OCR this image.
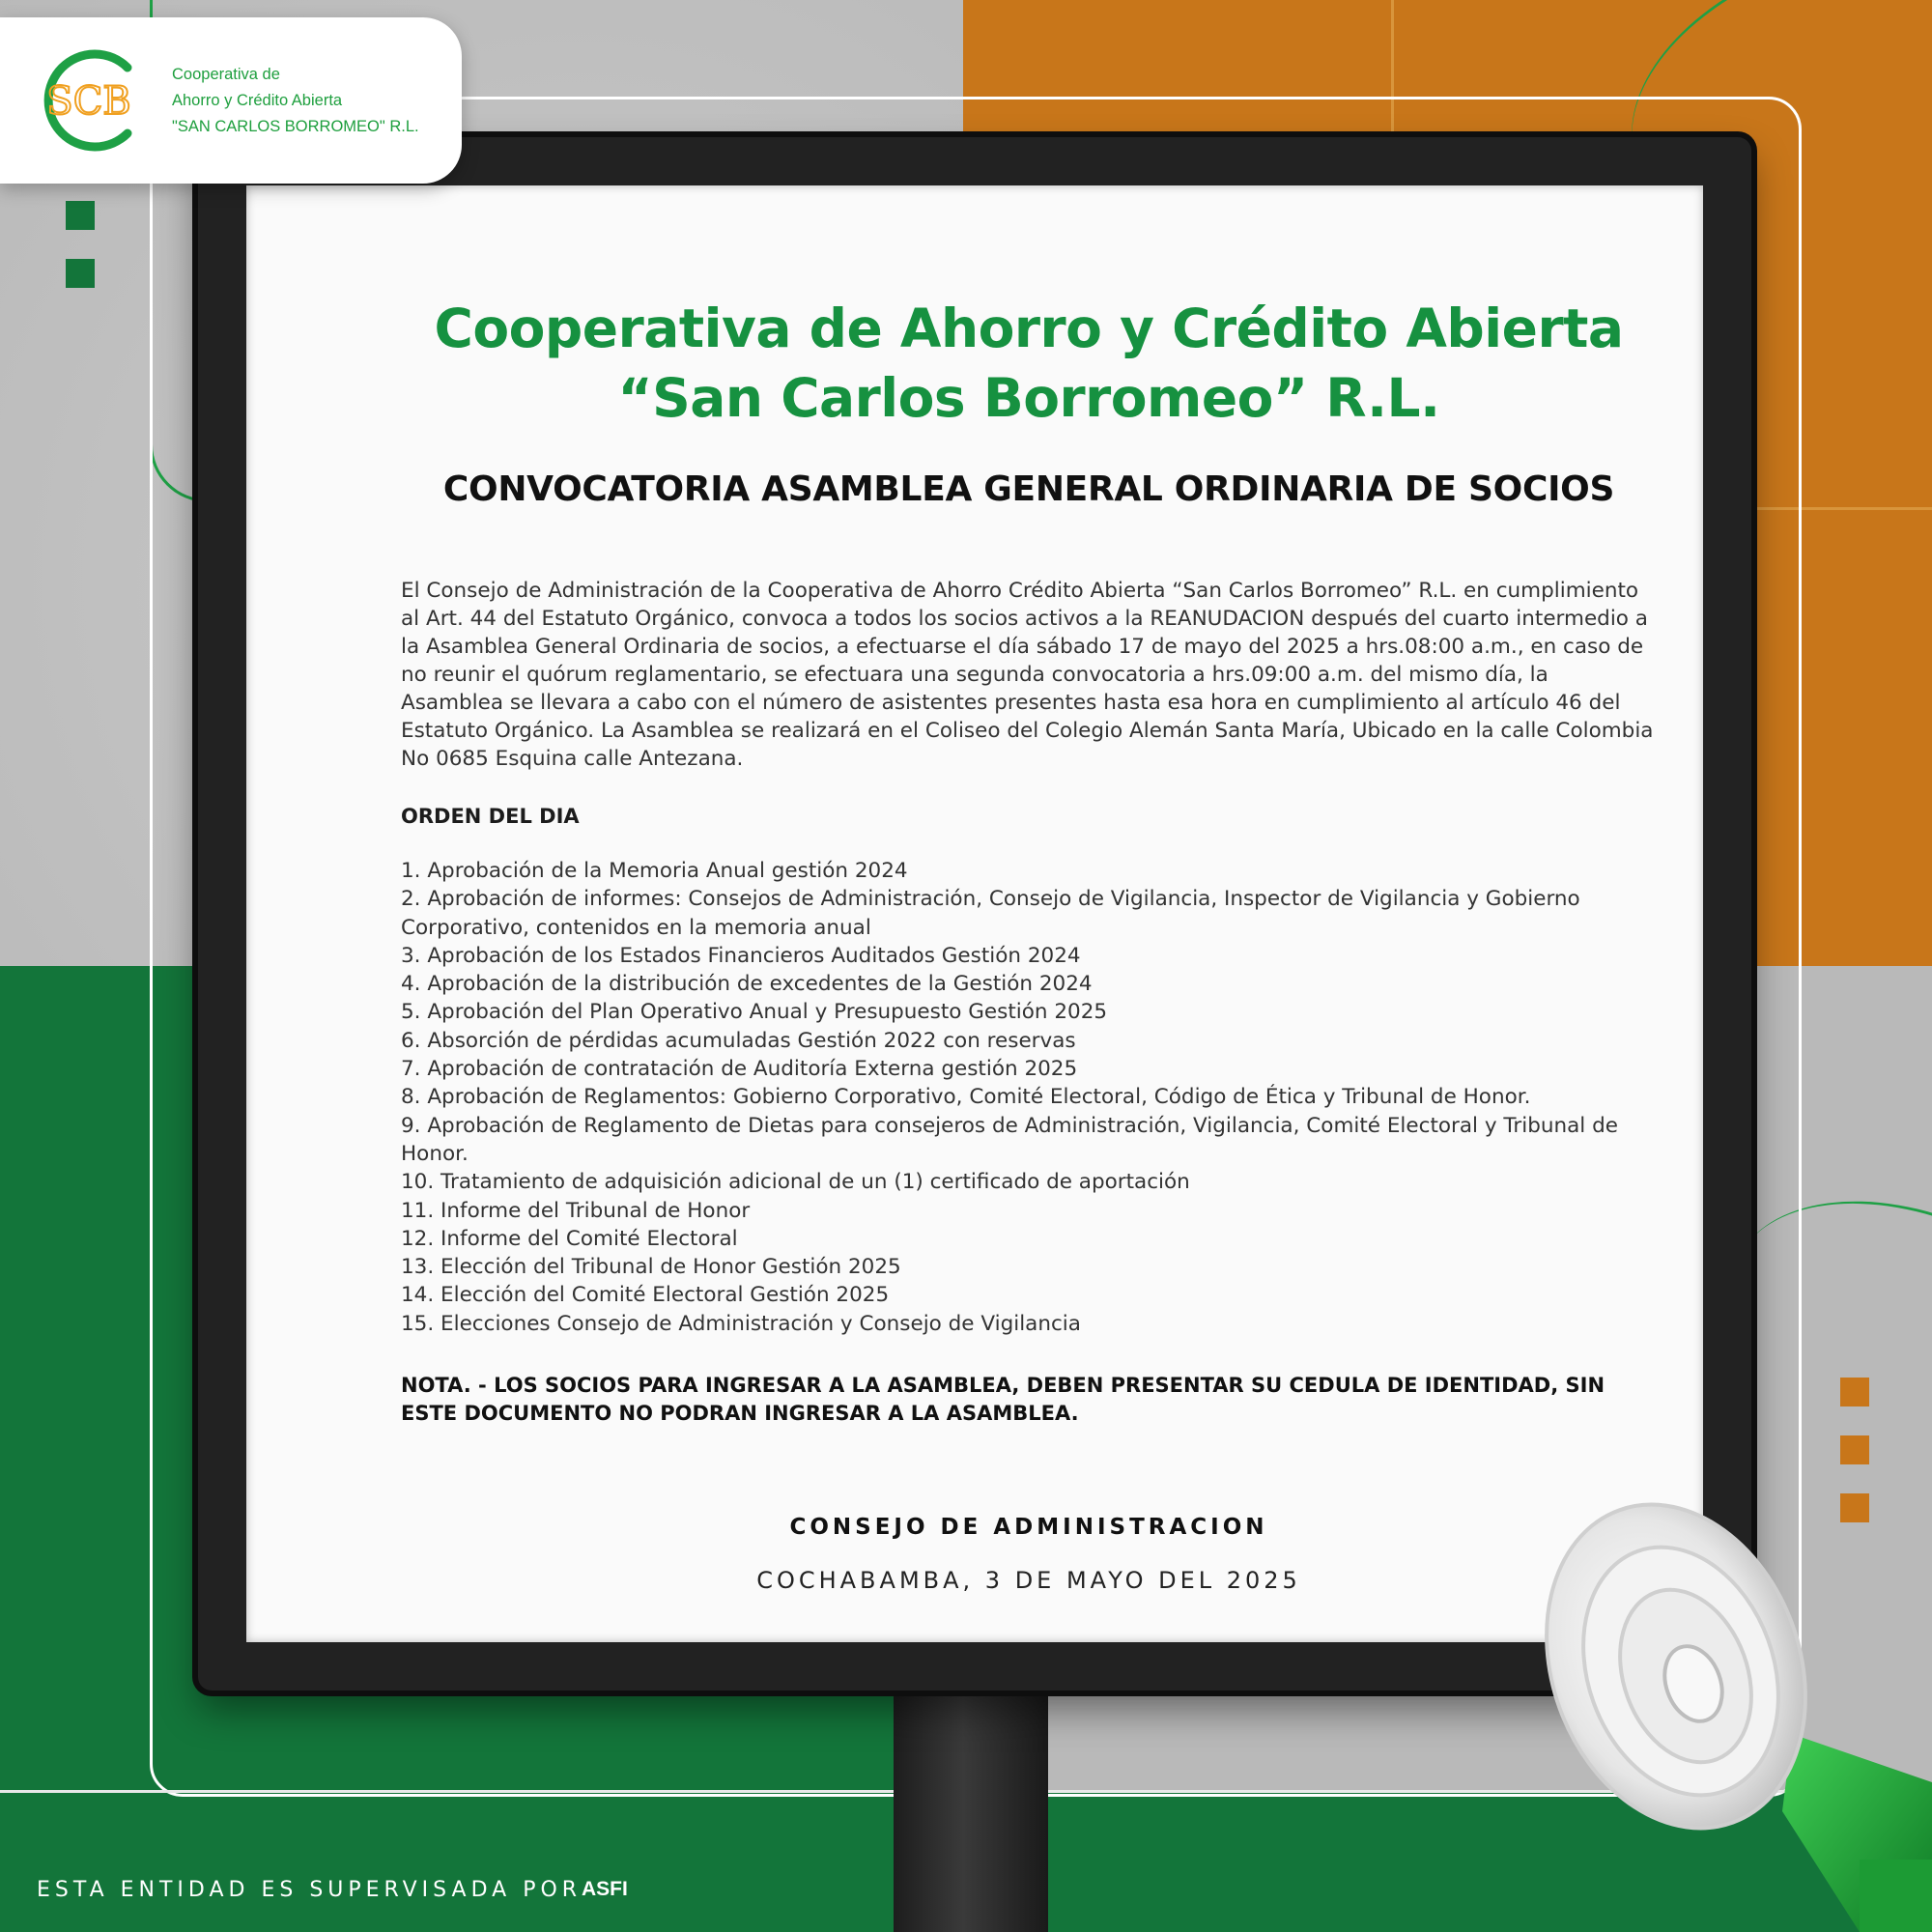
Cooperativa de Ahorro y Crédito Abierta
“San Carlos Borromeo” R.L.
CONVOCATORIA ASAMBLEA GENERAL ORDINARIA DE SOCIOS

El Consejo de Administración de la Cooperativa de Ahorro Crédito Abierta “San Carlos Borromeo” R.L. en cumplimiento al Art. 44 del Estatuto Orgánico, convoca a todos los socios activos a la REANUDACION después del cuarto intermedio a la Asamblea General Ordinaria de socios, a efectuarse el día sábado 17 de mayo del 2025 a hrs.08:00 a.m., en caso de no reunir el quórum reglamentario, se efectuara una segunda convocatoria a hrs.09:00 a.m. del mismo día, la Asamblea se llevara a cabo con el número de asistentes presentes hasta esa hora en cumplimiento al artículo 46 del Estatuto Orgánico. La Asamblea se realizará en el Coliseo del Colegio Alemán Santa María, Ubicado en la calle Colombia No 0685 Esquina calle Antezana.

ORDEN DEL DIA
1. Aprobación de la Memoria Anual gestión 2024
2. Aprobación de informes: Consejos de Administración, Consejo de Vigilancia, Inspector de Vigilancia y Gobierno Corporativo, contenidos en la memoria anual
3. Aprobación de los Estados Financieros Auditados Gestión 2024
4. Aprobación de la distribución de excedentes de la Gestión 2024
5. Aprobación del Plan Operativo Anual y Presupuesto Gestión 2025
6. Absorción de pérdidas acumuladas Gestión 2022 con reservas
7. Aprobación de contratación de Auditoría Externa gestión 2025
8. Aprobación de Reglamentos: Gobierno Corporativo, Comité Electoral, Código de Ética y Tribunal de Honor.
9. Aprobación de Reglamento de Dietas para consejeros de Administración, Vigilancia, Comité Electoral y Tribunal de Honor.
10. Tratamiento de adquisición adicional de un (1) certificado de aportación
11. Informe del Tribunal de Honor
12. Informe del Comité Electoral
13. Elección del Tribunal de Honor Gestión 2025
14. Elección del Comité Electoral Gestión 2025
15. Elecciones Consejo de Administración y Consejo de Vigilancia

NOTA. - LOS SOCIOS PARA INGRESAR A LA ASAMBLEA, DEBEN PRESENTAR SU CEDULA DE IDENTIDAD, SIN ESTE DOCUMENTO NO PODRAN INGRESAR A LA ASAMBLEA.

CONSEJO DE ADMINISTRACION
COCHABAMBA, 3 DE MAYO DEL 2025
SCB
Cooperativa de
Ahorro y Crédito Abierta
"SAN CARLOS BORROMEO" R.L.
ESTA ENTIDAD ES SUPERVISADA POR ASFI
